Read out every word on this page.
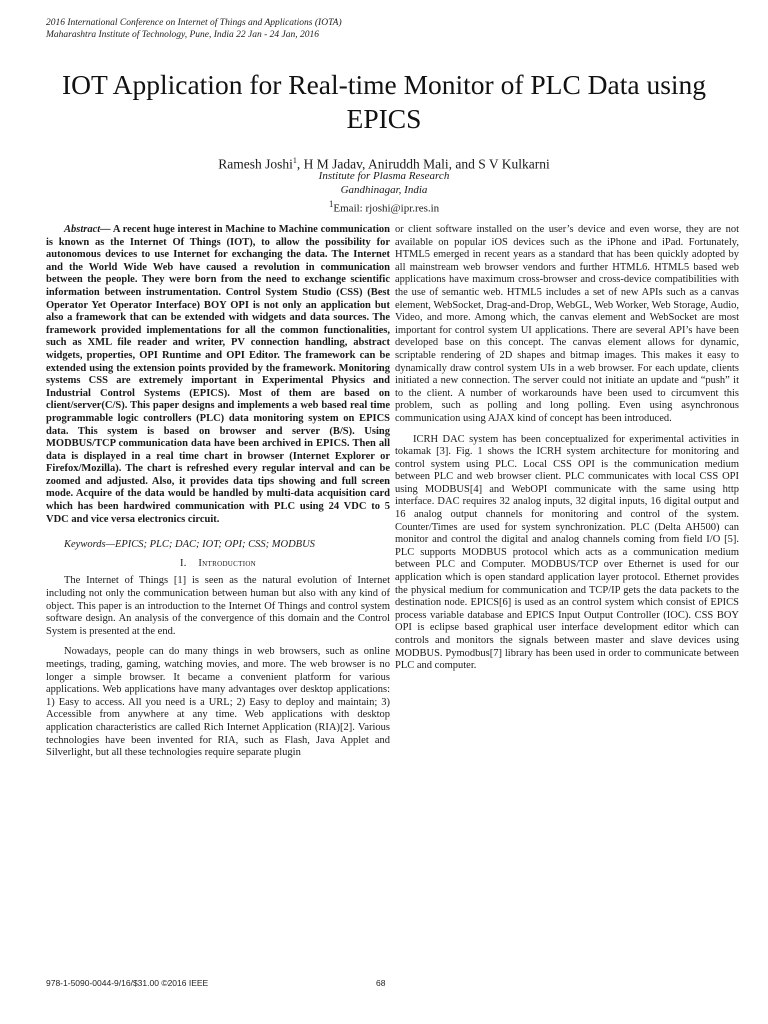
2016 International Conference on Internet of Things and Applications (IOTA)
Maharashtra Institute of Technology, Pune, India 22 Jan - 24 Jan, 2016
IOT Application for Real-time Monitor of PLC Data using EPICS
Ramesh Joshi$^1$, H M Jadav, Aniruddh Mali, and S V Kulkarni
Institute for Plasma Research
Gandhinagar, India
$^1$Email: rjoshi@ipr.res.in

Abstract— A recent huge interest in Machine to Machine communication is known as the Internet Of Things (IOT), to allow the possibility for autonomous devices to use Internet for exchanging the data. The Internet and the World Wide Web have caused a revolution in communication between the people. They were born from the need to exchange scientific information between instrumentation. Control System Studio (CSS) (Best Operator Yet Operator Interface) BOY OPI is not only an application but also a framework that can be extended with widgets and data sources. The framework provided implementations for all the common functionalities, such as XML file reader and writer, PV connection handling, abstract widgets, properties, OPI Runtime and OPI Editor. The framework can be extended using the extension points provided by the framework. Monitoring systems CSS are extremely important in Experimental Physics and Industrial Control Systems (EPICS). Most of them are based on client/server(C/S). This paper designs and implements a web based real time programmable logic controllers (PLC) data monitoring system on EPICS data. This system is based on browser and server (B/S). Using MODBUS/TCP communication data have been archived in EPICS. Then all data is displayed in a real time chart in browser (Internet Explorer or Firefox/Mozilla). The chart is refreshed every regular interval and can be zoomed and adjusted. Also, it provides data tips showing and full screen mode. Acquire of the data would be handled by multi-data acquisition card which has been hardwired communication with PLC using 24 VDC to 5 VDC and vice versa electronics circuit.

Keywords—EPICS; PLC; DAC; IOT; OPI; CSS; MODBUS

I. Introduction

The Internet of Things [1] is seen as the natural evolution of Internet including not only the communication between human but also with any kind of object. This paper is an introduction to the Internet Of Things and control system software design. An analysis of the convergence of this domain and the Control System is presented at the end.

Nowadays, people can do many things in web browsers, such as online meetings, trading, gaming, watching movies, and more. The web browser is no longer a simple browser. It became a convenient platform for various applications. Web applications have many advantages over desktop applications: 1) Easy to access. All you need is a URL; 2) Easy to deploy and maintain; 3) Accessible from anywhere at any time. Web applications with desktop application characteristics are called Rich Internet Application (RIA)[2]. Various technologies have been invented for RIA, such as Flash, Java Applet and Silverlight, but all these technologies require separate plugin

or client software installed on the user’s device and even worse, they are not available on popular iOS devices such as the iPhone and iPad. Fortunately, HTML5 emerged in recent years as a standard that has been quickly adopted by all mainstream web browser vendors and further HTML6. HTML5 based web applications have maximum cross-browser and cross-device compatibilities with the use of semantic web. HTML5 includes a set of new APIs such as a canvas element, WebSocket, Drag-and-Drop, WebGL, Web Worker, Web Storage, Audio, Video, and more. Among which, the canvas element and WebSocket are most important for control system UI applications. There are several API’s have been developed base on this concept. The canvas element allows for dynamic, scriptable rendering of 2D shapes and bitmap images. This makes it easy to dynamically draw control system UIs in a web browser. For each update, clients initiated a new connection. The server could not initiate an update and “push” it to the client. A number of workarounds have been used to circumvent this problem, such as polling and long polling. Even using asynchronous communication using AJAX kind of concept has been introduced.

ICRH DAC system has been conceptualized for experimental activities in tokamak [3]. Fig. 1 shows the ICRH system architecture for monitoring and control system using PLC. Local CSS OPI is the communication medium between PLC and web browser client. PLC communicates with local CSS OPI using MODBUS[4] and WebOPI communicate with the same using http interface. DAC requires 32 analog inputs, 32 digital inputs, 16 digital output and 16 analog output channels for monitoring and control of the system. Counter/Times are used for system synchronization. PLC (Delta AH500) can monitor and control the digital and analog channels coming from field I/O [5]. PLC supports MODBUS protocol which acts as a communication medium between PLC and Computer. MODBUS/TCP over Ethernet is used for our application which is open standard application layer protocol. Ethernet provides the physical medium for communication and TCP/IP gets the data packets to the destination node. EPICS[6] is used as an control system which consist of EPICS process variable database and EPICS Input Output Controller (IOC). CSS BOY OPI is eclipse based graphical user interface development editor which can controls and monitors the signals between master and slave devices using MODBUS. Pymodbus[7] library has been used in order to communicate between PLC and computer.

978-1-5090-0044-9/16/$31.00 ©2016 IEEE	68
